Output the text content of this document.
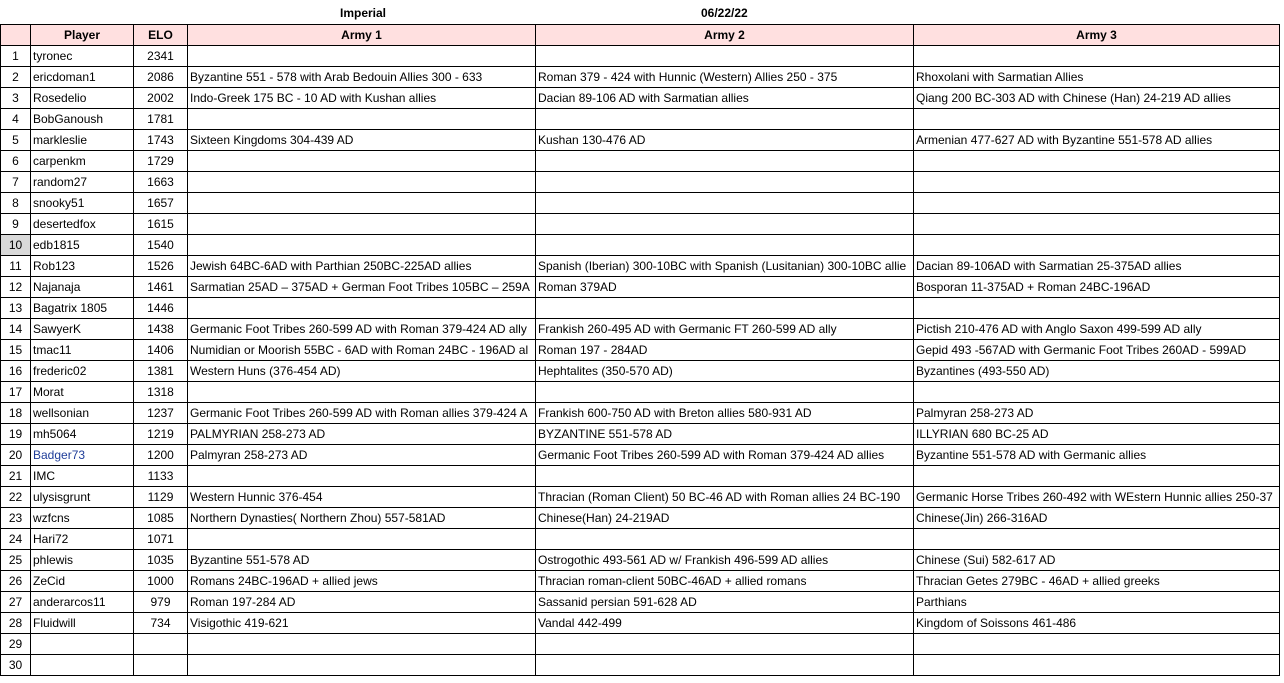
Imperial	06/22/22
	Player	ELO	Army 1	Army 2	Army 3
1	tyronec	2341			
2	ericdoman1	2086	Byzantine 551 - 578 with Arab Bedouin Allies 300 - 633	Roman 379 - 424 with Hunnic (Western) Allies 250 - 375	Rhoxolani with Sarmatian Allies
3	Rosedelio	2002	Indo-Greek 175 BC - 10 AD with Kushan allies	Dacian 89-106 AD with Sarmatian allies	Qiang 200 BC-303 AD with Chinese (Han) 24-219 AD allies
4	BobGanoush	1781			
5	markleslie	1743	Sixteen Kingdoms 304-439 AD	Kushan 130-476 AD	Armenian 477-627 AD with Byzantine 551-578 AD allies
6	carpenkm	1729			
7	random27	1663			
8	snooky51	1657			
9	desertedfox	1615			
10	edb1815	1540			
11	Rob123	1526	Jewish 64BC-6AD with Parthian 250BC-225AD allies	Spanish (Iberian) 300-10BC with Spanish (Lusitanian) 300-10BC allie	Dacian 89-106AD with Sarmatian 25-375AD allies
12	Najanaja	1461	Sarmatian 25AD – 375AD + German Foot Tribes 105BC – 259A	Roman 379AD	Bosporan 11-375AD + Roman 24BC-196AD
13	Bagatrix 1805	1446			
14	SawyerK	1438	Germanic Foot Tribes 260-599 AD with Roman 379-424 AD ally	Frankish 260-495 AD with Germanic FT 260-599 AD ally	Pictish 210-476 AD with Anglo Saxon 499-599 AD ally
15	tmac11	1406	Numidian or Moorish 55BC - 6AD with Roman 24BC - 196AD al	Roman 197 - 284AD	Gepid 493 -567AD with Germanic Foot Tribes 260AD - 599AD
16	frederic02	1381	Western Huns (376-454 AD)	Hephtalites (350-570 AD)	Byzantines (493-550 AD)
17	Morat	1318			
18	wellsonian	1237	Germanic Foot Tribes 260-599 AD with Roman allies 379-424 A	Frankish 600-750 AD with Breton allies 580-931 AD	Palmyran 258-273 AD
19	mh5064	1219	PALMYRIAN 258-273 AD	BYZANTINE 551-578 AD	ILLYRIAN 680 BC-25 AD
20	Badger73	1200	Palmyran 258-273 AD	Germanic Foot Tribes 260-599 AD with Roman 379-424 AD allies	Byzantine 551-578 AD with Germanic allies
21	IMC	1133			
22	ulysisgrunt	1129	Western Hunnic 376-454	Thracian (Roman Client) 50 BC-46 AD with Roman allies 24 BC-190	Germanic Horse Tribes 260-492 with WEstern Hunnic allies 250-37
23	wzfcns	1085	Northern Dynasties( Northern Zhou) 557-581AD	Chinese(Han) 24-219AD	Chinese(Jin) 266-316AD
24	Hari72	1071			
25	phlewis	1035	Byzantine 551-578 AD	Ostrogothic 493-561 AD w/ Frankish 496-599 AD allies	Chinese (Sui) 582-617 AD
26	ZeCid	1000	Romans 24BC-196AD + allied jews	Thracian roman-client 50BC-46AD + allied romans	Thracian Getes 279BC - 46AD + allied greeks
27	anderarcos11	979	Roman 197-284 AD	Sassanid persian 591-628 AD	Parthians
28	Fluidwill	734	Visigothic 419-621	Vandal 442-499	Kingdom of Soissons 461-486
29					
30					
